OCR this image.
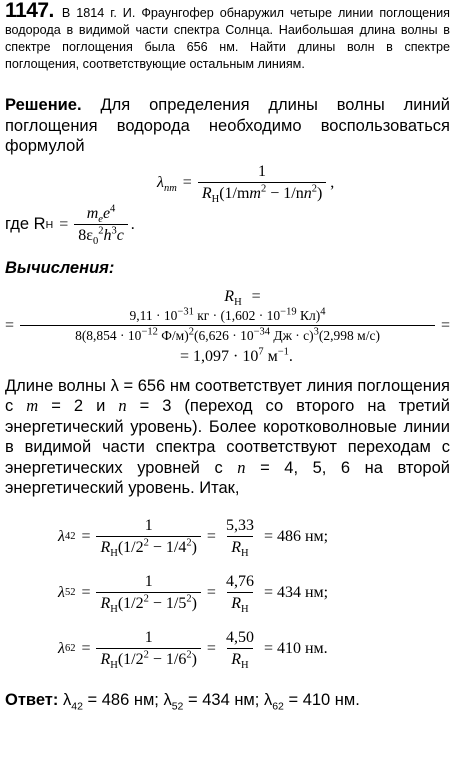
1147. В 1814 г. И. Фраунгофер обнаружил четыре линии поглощения водорода в видимой части спектра Солнца. Наибольшая длина волны в спектре поглощения была 656 нм. Найти длины волн в спектре поглощения, соответствующие остальным линиям.

Решение. Для определения длины волны линий поглощения водорода необходимо воспользоваться формулой

$\lambda_{nm} = \frac{1}{R_H(1/mm^2 - 1/nn^2)}$ ,
где R $H = \frac{m_ee^4}{8\varepsilon_0^2h^3c}$ .

Вычисления:

$R_H$ =
= $\frac{9,11 \cdot 10^{-31} кг \cdot (1,602 \cdot 10^{-19} Кл)^4}{8(8,854 \cdot 10^{-12} Ф/м)^2(6,626 \cdot 10^{-34} Дж \cdot с)^3(2,998 м/с)}$ =
= $1,097 \cdot 10^7$ $м^{-1}$.

Длине волны λ = 656 нм соответствует линия поглощения с m = 2 и n = 3 (переход со второго на третий энергетический уровень). Более коротковолновые линии в видимой части спектра соответствуют переходам с энергетических уровней с n = 4, 5, 6 на второй энергетический уровень. Итак,

λ $42 = \frac{1}{R_H(1/2^2 - 1/4^2)} = \frac{5,33}{R_H} = 486$ нм;
λ $52 = \frac{1}{R_H(1/2^2 - 1/5^2)} = \frac{4,76}{R_H} = 434$ нм;
λ $62 = \frac{1}{R_H(1/2^2 - 1/6^2)} = \frac{4,50}{R_H} = 410$ нм.

Ответ: $\lambda_{42} = 486$ нм; $\lambda_{52} = 434$ нм; $\lambda_{62} = 410$ нм.
